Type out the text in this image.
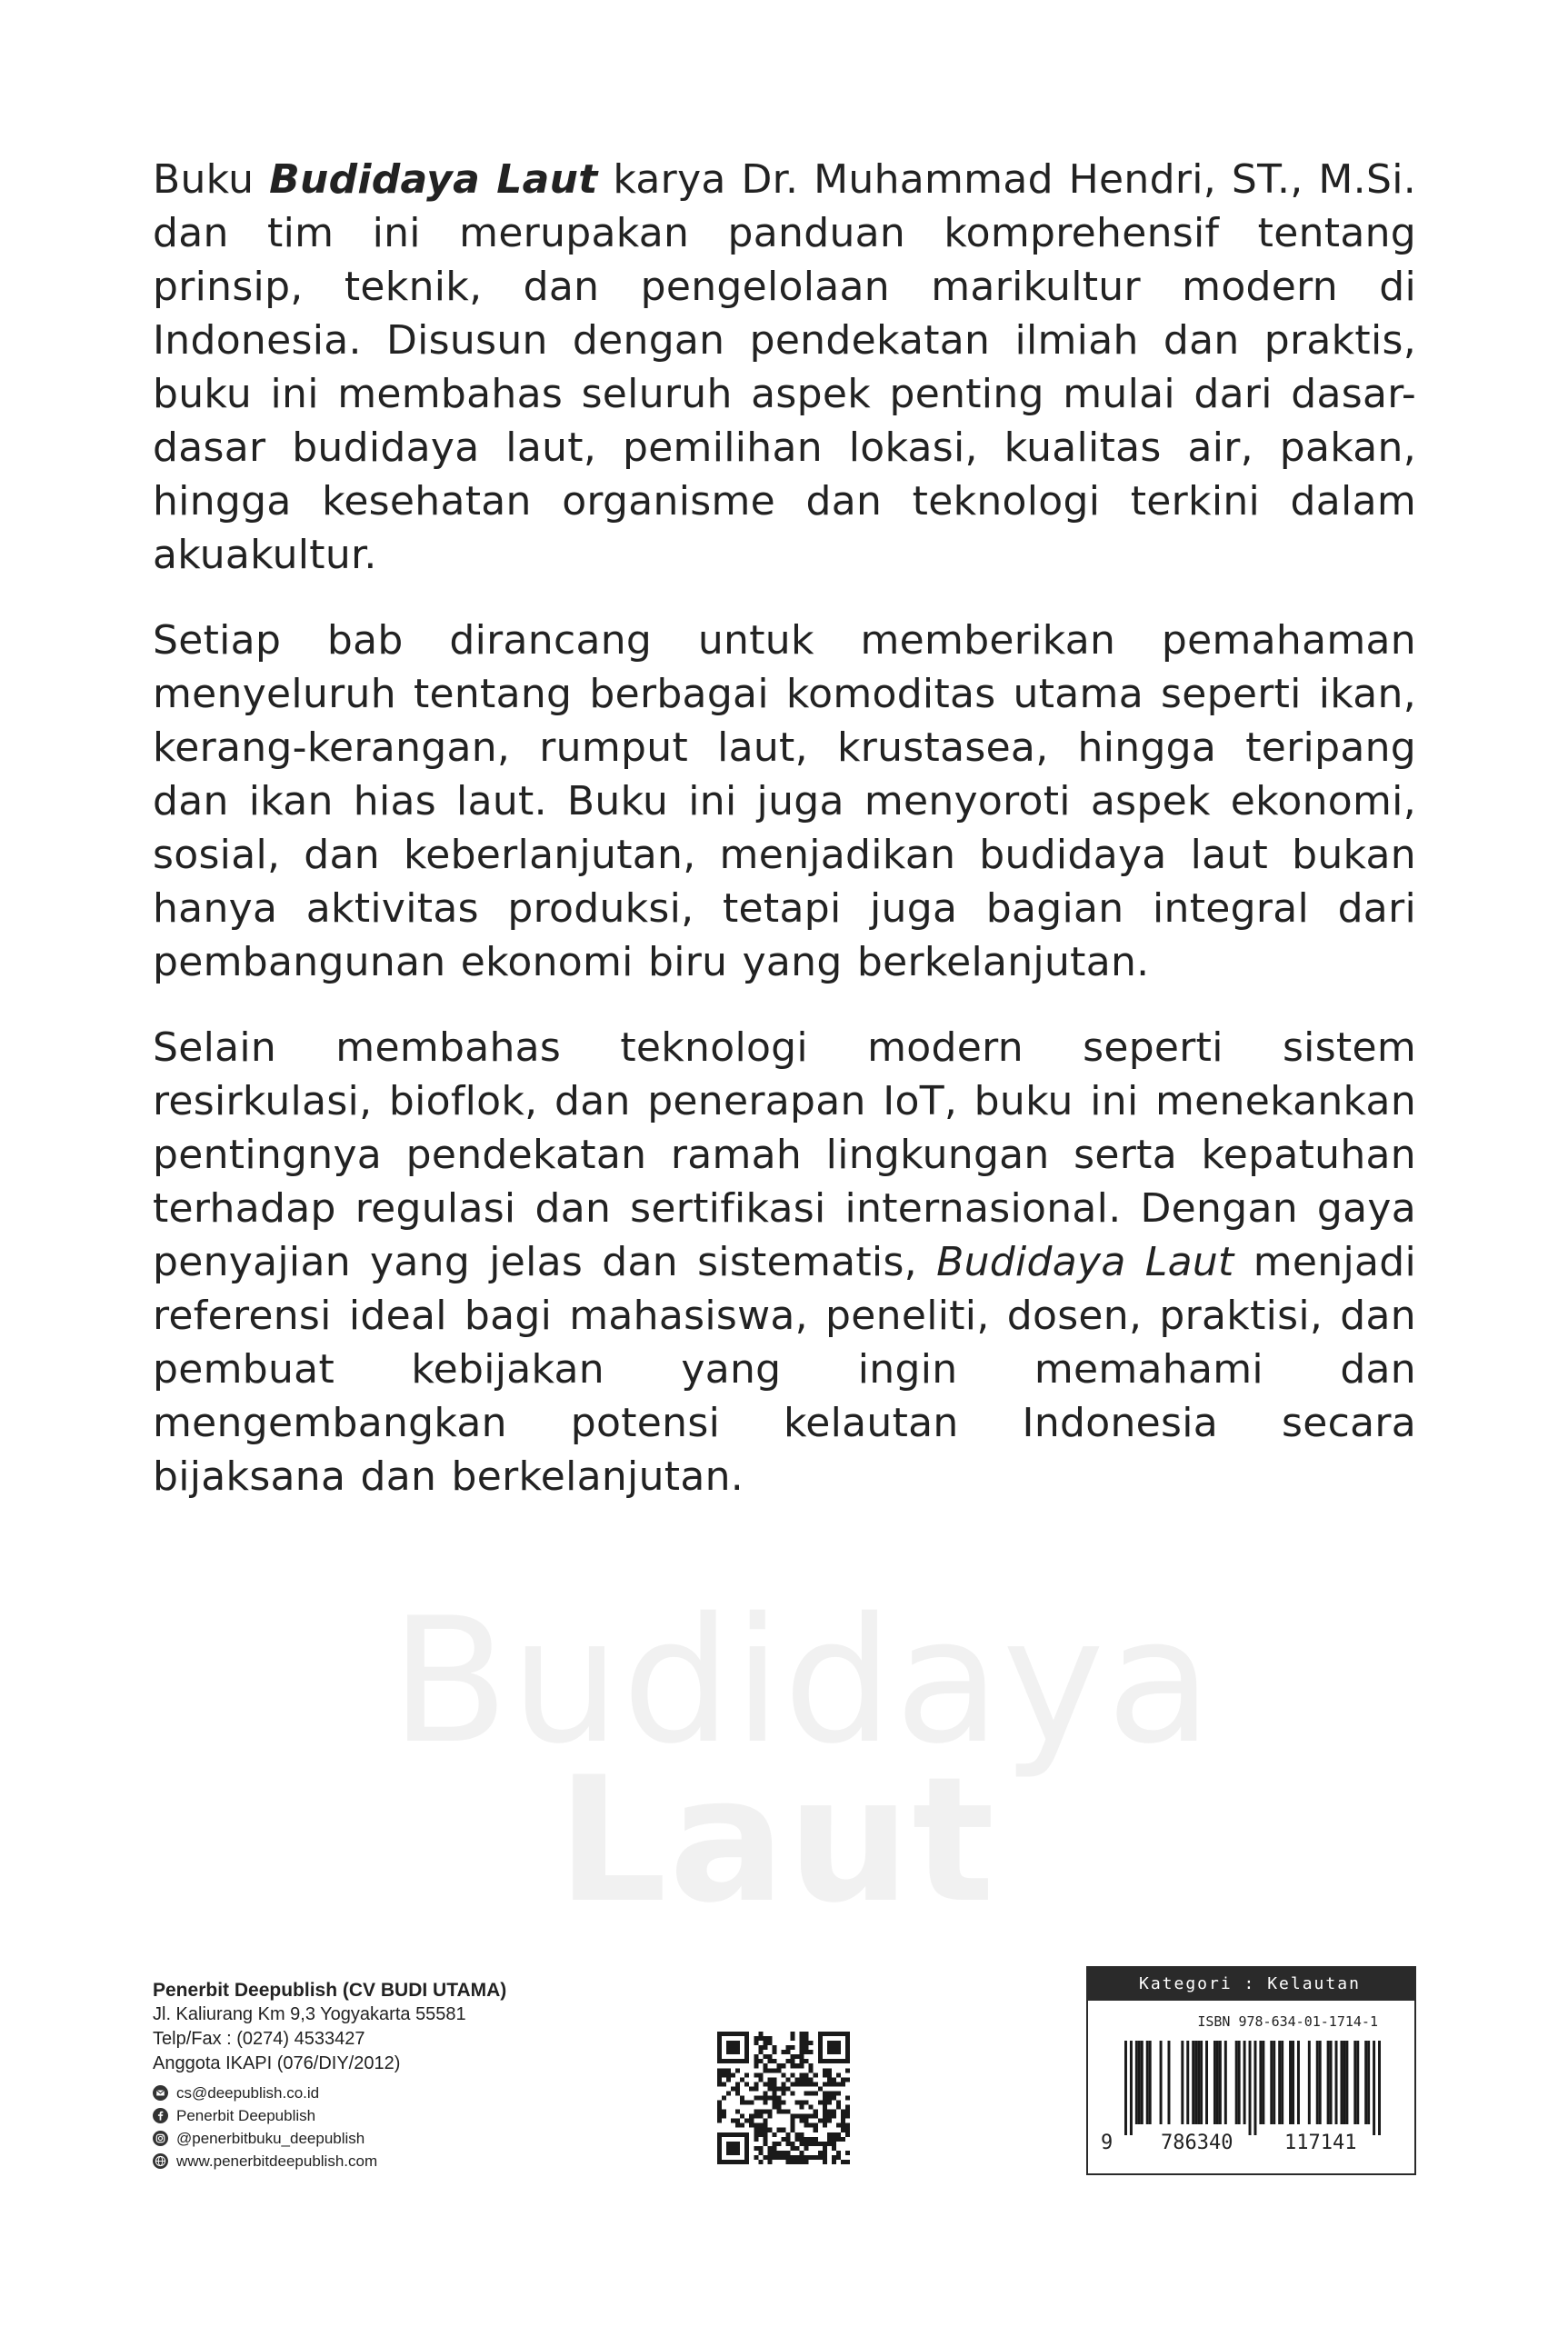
Buku Budidaya Laut karya Dr. Muhammad Hendri, ST., M.Si. dan tim ini merupakan panduan komprehensif tentang prinsip, teknik, dan pengelolaan marikultur modern di Indonesia. Disusun dengan pendekatan ilmiah dan praktis, buku ini membahas seluruh aspek penting mulai dari dasar-dasar budidaya laut, pemilihan lokasi, kualitas air, pakan, hingga kesehatan organisme dan teknologi terkini dalam akuakultur.

Setiap bab dirancang untuk memberikan pemahaman menyeluruh tentang berbagai komoditas utama seperti ikan, kerang-kerangan, rumput laut, krustasea, hingga teripang dan ikan hias laut. Buku ini juga menyoroti aspek ekonomi, sosial, dan keberlanjutan, menjadikan budidaya laut bukan hanya aktivitas produksi, tetapi juga bagian integral dari pembangunan ekonomi biru yang berkelanjutan.

Selain membahas teknologi modern seperti sistem resirkulasi, bioflok, dan penerapan IoT, buku ini menekankan pentingnya pendekatan ramah lingkungan serta kepatuhan terhadap regulasi dan sertifikasi internasional. Dengan gaya penyajian yang jelas dan sistematis, Budidaya Laut menjadi referensi ideal bagi mahasiswa, peneliti, dosen, praktisi, dan pembuat kebijakan yang ingin memahami dan mengembangkan potensi kelautan Indonesia secara bijaksana dan berkelanjutan.

Budidaya
Laut
Penerbit Deepublish (CV BUDI UTAMA)
Jl. Kaliurang Km 9,3 Yogyakarta 55581
Telp/Fax : (0274) 4533427
Anggota IKAPI (076/DIY/2012)
cs@deepublish.co.id
Penerbit Deepublish
@penerbitbuku_deepublish
www.penerbitdeepublish.com
Kategori : Kelautan
ISBN 978-634-01-1714-1
9 786340	117141
